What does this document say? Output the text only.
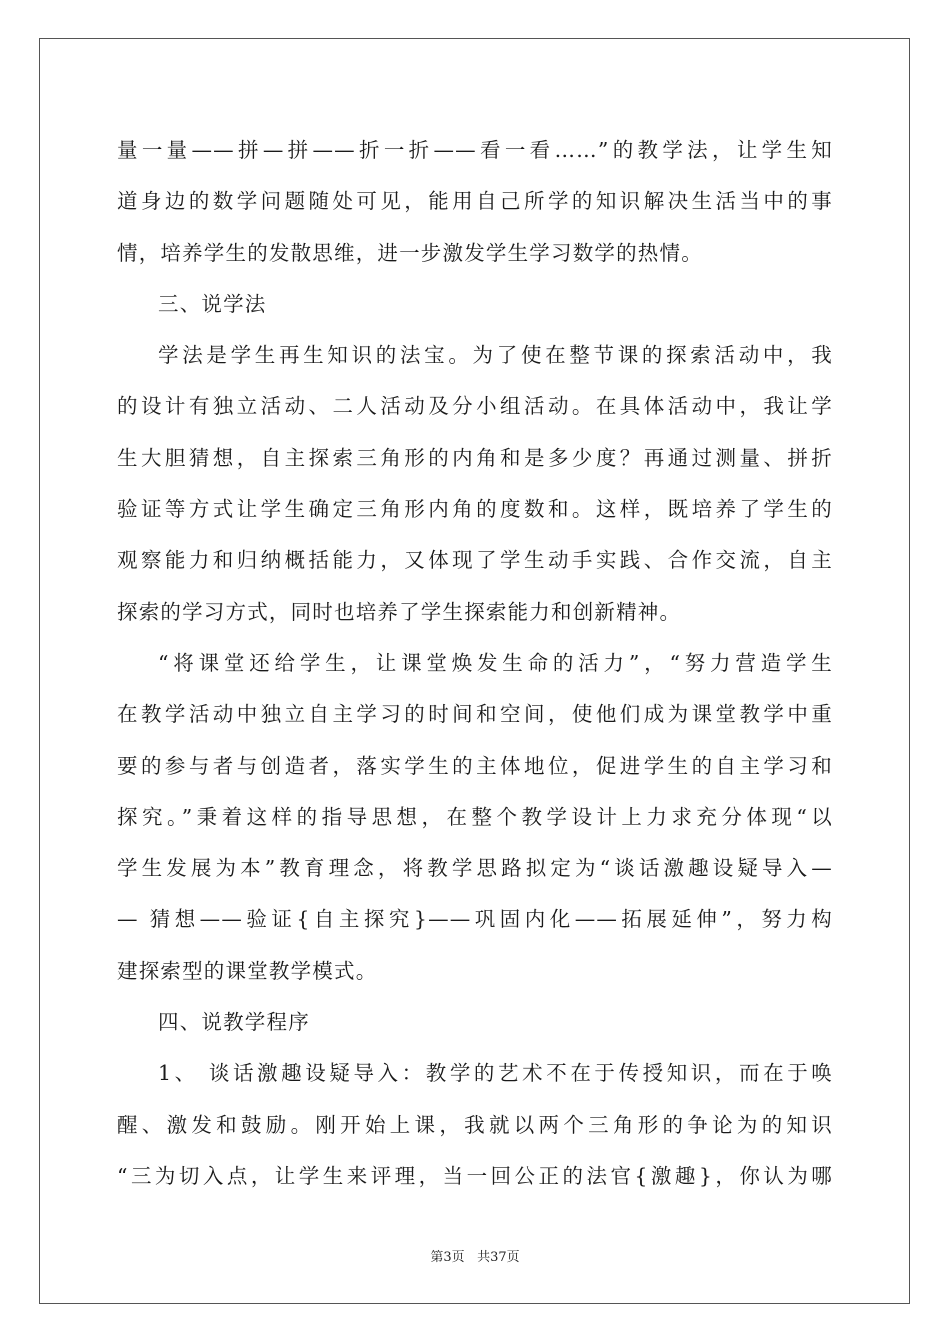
量一量——拼—拼——折一折——看一看……”的教学法，让学生知
道身边的数学问题随处可见，能用自己所学的知识解决生活当中的事
情，培养学生的发散思维，进一步激发学生学习数学的热情。
三、说学法
学法是学生再生知识的法宝。为了使在整节课的探索活动中，我
的设计有独立活动、二人活动及分小组活动。在具体活动中，我让学
生大胆猜想，自主探索三角形的内角和是多少度？再通过测量、拼折
验证等方式让学生确定三角形内角的度数和。这样，既培养了学生的
观察能力和归纳概括能力，又体现了学生动手实践、合作交流，自主
探索的学习方式，同时也培养了学生探索能力和创新精神。
“将课堂还给学生，让课堂焕发生命的活力”，“努力营造学生
在教学活动中独立自主学习的时间和空间，使他们成为课堂教学中重
要的参与者与创造者，落实学生的主体地位，促进学生的自主学习和
探究。”秉着这样的指导思想，在整个教学设计上力求充分体现“以
学生发展为本”教育理念，将教学思路拟定为“谈话激趣设疑导入—
— 猜想——验证{自主探究}——巩固内化——拓展延伸”，努力构
建探索型的课堂教学模式。
四、说教学程序
1、 谈话激趣设疑导入：教学的艺术不在于传授知识，而在于唤
醒、激发和鼓励。刚开始上课，我就以两个三角形的争论为的知识
“三为切入点，让学生来评理，当一回公正的法官{激趣}，你认为哪
第3页 共37页
